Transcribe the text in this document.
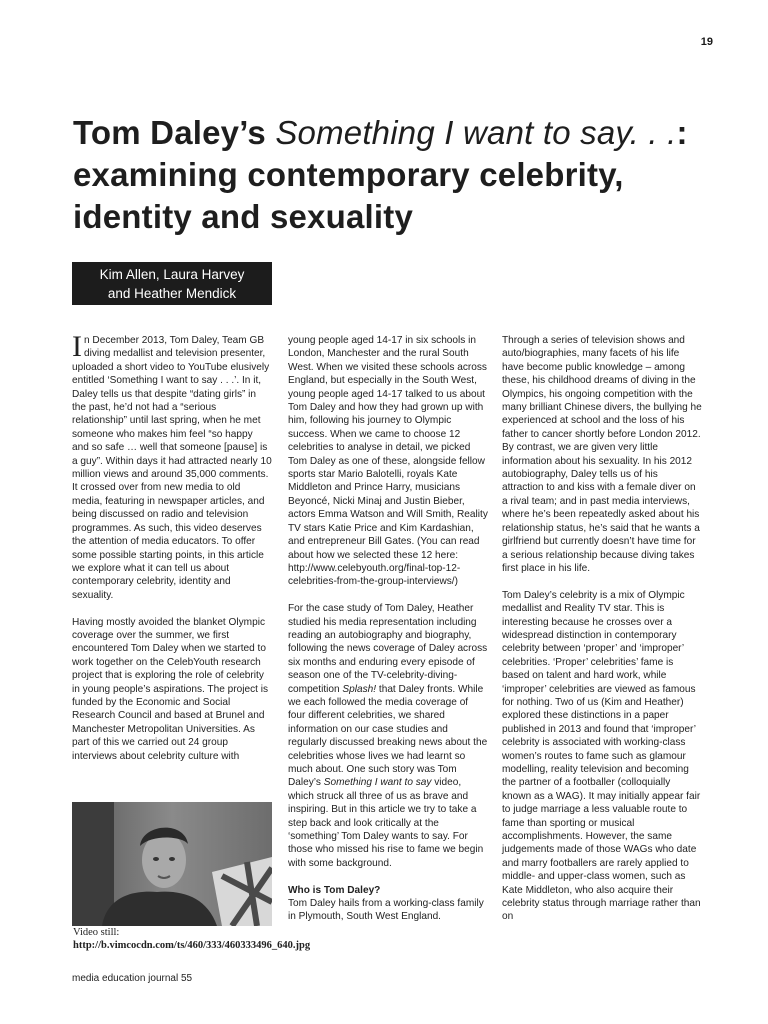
19
Tom Daley’s Something I want to say. . .: examining contemporary celebrity, identity and sexuality
Kim Allen, Laura Harvey
and Heather Mendick

In December 2013, Tom Daley, Team GB diving medallist and television presenter, uploaded a short video to YouTube elusively entitled ‘Something I want to say . . .’. In it, Daley tells us that despite “dating girls” in the past, he’d not had a “serious relationship” until last spring, when he met someone who makes him feel “so happy and so safe … well that someone [pause] is a guy”. Within days it had attracted nearly 10 million views and around 35,000 comments. It crossed over from new media to old media, featuring in newspaper articles, and being discussed on radio and television programmes. As such, this video deserves the attention of media educators. To offer some possible starting points, in this article we explore what it can tell us about contemporary celebrity, identity and sexuality.

Having mostly avoided the blanket Olympic coverage over the summer, we first encountered Tom Daley when we started to work together on the CelebYouth research project that is exploring the role of celebrity in young people’s aspirations. The project is funded by the Economic and Social Research Council and based at Brunel and Manchester Metropolitan Universities. As part of this we carried out 24 group interviews about celebrity culture with

Video still: http://b.vimcocdn.com/ts/460/333/460333496_640.jpg

young people aged 14-17 in six schools in London, Manchester and the rural South West. When we visited these schools across England, but especially in the South West, young people aged 14-17 talked to us about Tom Daley and how they had grown up with him, following his journey to Olympic success. When we came to choose 12 celebrities to analyse in detail, we picked Tom Daley as one of these, alongside fellow sports star Mario Balotelli, royals Kate Middleton and Prince Harry, musicians Beyoncé, Nicki Minaj and Justin Bieber, actors Emma Watson and Will Smith, Reality TV stars Katie Price and Kim Kardashian, and entrepreneur Bill Gates. (You can read about how we selected these 12 here: http://www.celebyouth.org/final-top-12-celebrities-from-the-group-interviews/)

For the case study of Tom Daley, Heather studied his media representation including reading an autobiography and biography, following the news coverage of Daley across six months and enduring every episode of season one of the TV-celebrity-diving-competition Splash! that Daley fronts. While we each followed the media coverage of four different celebrities, we shared information on our case studies and regularly discussed breaking news about the celebrities whose lives we had learnt so much about. One such story was Tom Daley’s Something I want to say video, which struck all three of us as brave and inspiring. But in this article we try to take a step back and look critically at the ‘something’ Tom Daley wants to say. For those who missed his rise to fame we begin with some background.

Who is Tom Daley?

Tom Daley hails from a working-class family in Plymouth, South West England.

Through a series of television shows and auto/biographies, many facets of his life have become public knowledge – among these, his childhood dreams of diving in the Olympics, his ongoing competition with the many brilliant Chinese divers, the bullying he experienced at school and the loss of his father to cancer shortly before London 2012. By contrast, we are given very little information about his sexuality. In his 2012 autobiography, Daley tells us of his attraction to and kiss with a female diver on a rival team; and in past media interviews, where he’s been repeatedly asked about his relationship status, he’s said that he wants a girlfriend but currently doesn’t have time for a serious relationship because diving takes first place in his life.

Tom Daley’s celebrity is a mix of Olympic medallist and Reality TV star. This is interesting because he crosses over a widespread distinction in contemporary celebrity between ‘proper’ and ‘improper’ celebrities. ‘Proper’ celebrities’ fame is based on talent and hard work, while ‘improper’ celebrities are viewed as famous for nothing. Two of us (Kim and Heather) explored these distinctions in a paper published in 2013 and found that ‘improper’ celebrity is associated with working-class women’s routes to fame such as glamour modelling, reality television and becoming the partner of a footballer (colloquially known as a WAG). It may initially appear fair to judge marriage a less valuable route to fame than sporting or musical accomplishments. However, the same judgements made of those WAGs who date and marry footballers are rarely applied to middle- and upper-class women, such as Kate Middleton, who also acquire their celebrity status through marriage rather than on

media education journal 55
